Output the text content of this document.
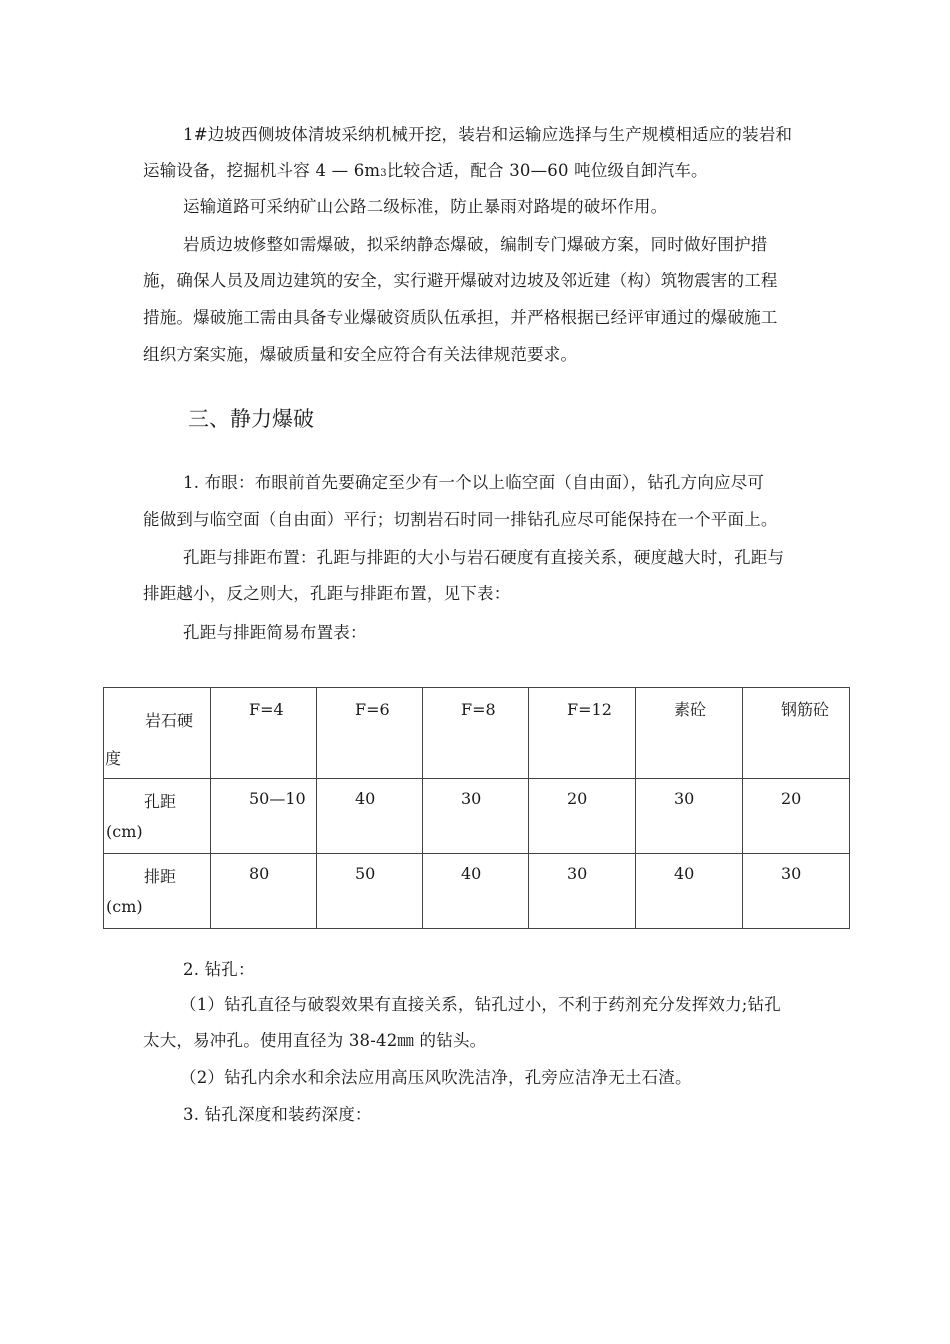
1#边坡西侧坡体清坡采纳机械开挖，装岩和运输应选择与生产规模相适应的装岩和
运输设备，挖掘机斗容 4 — 6m3比较合适，配合 30—60 吨位级自卸汽车。
运输道路可采纳矿山公路二级标准，防止暴雨对路堤的破坏作用。
岩质边坡修整如需爆破，拟采纳静态爆破，编制专门爆破方案，同时做好围护措
施，确保人员及周边建筑的安全，实行避开爆破对边坡及邻近建（构）筑物震害的工程
措施。爆破施工需由具备专业爆破资质队伍承担，并严格根据已经评审通过的爆破施工
组织方案实施，爆破质量和安全应符合有关法律规范要求。
三、静力爆破
1. 布眼：布眼前首先要确定至少有一个以上临空面（自由面），钻孔方向应尽可
能做到与临空面（自由面）平行；切割岩石时同一排钻孔应尽可能保持在一个平面上。
孔距与排距布置：孔距与排距的大小与岩石硬度有直接关系，硬度越大时，孔距与
排距越小，反之则大，孔距与排距布置，见下表：
孔距与排距简易布置表：
岩石硬
度	F=4	F=6	F=8	F=12	素砼	钢筋砼

孔距
(cm)	50—10	40	30	20	30	20

排距
(cm)	80	50	40	30	40	30
2. 钻孔：
（1）钻孔直径与破裂效果有直接关系，钻孔过小，不利于药剂充分发挥效力;钻孔
太大，易冲孔。使用直径为 38-42㎜ 的钻头。
（2）钻孔内余水和余法应用高压风吹洗洁净，孔旁应洁净无土石渣。
3. 钻孔深度和装药深度：
